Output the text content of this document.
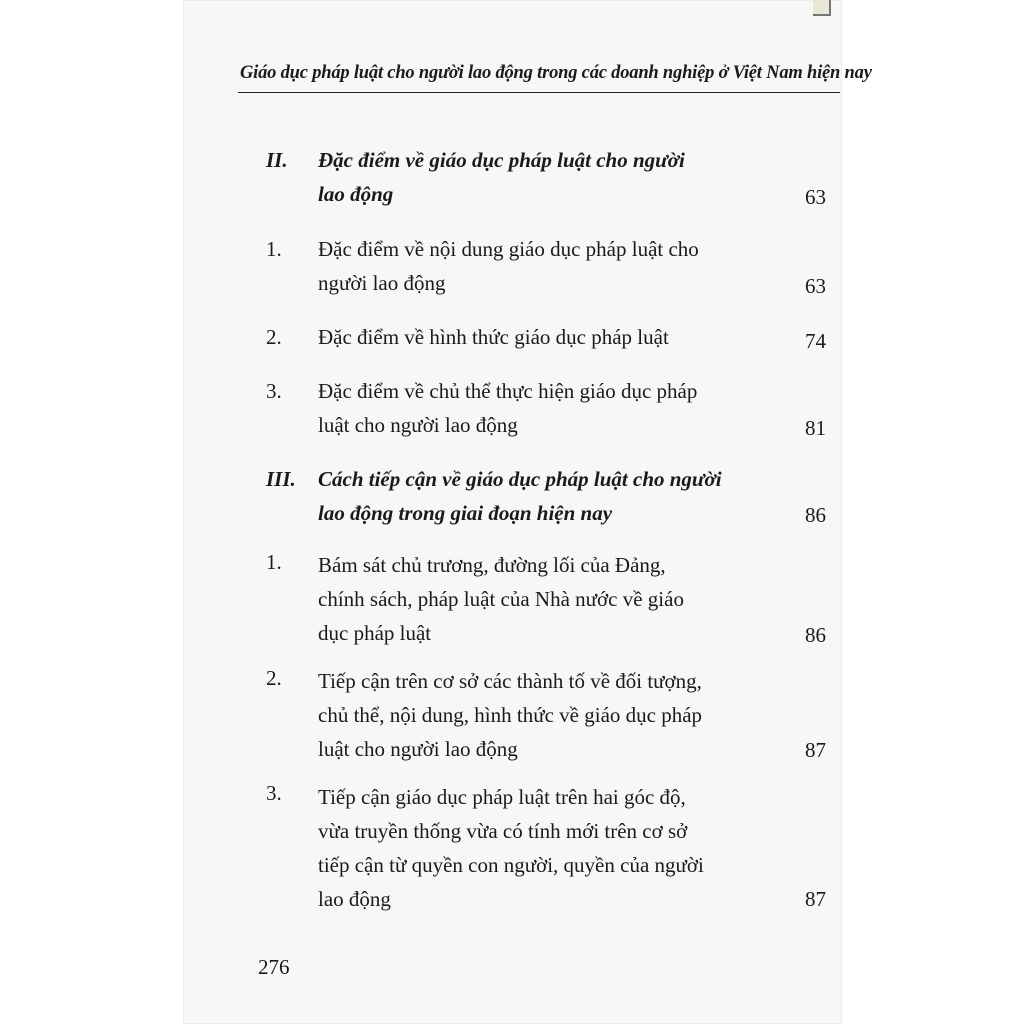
Giáo dục pháp luật cho người lao động trong các doanh nghiệp ở Việt Nam hiện nay
II. Đặc điểm về giáo dục pháp luật cho người
lao động	63
1. Đặc điểm về nội dung giáo dục pháp luật cho
người lao động	63
2. Đặc điểm về hình thức giáo dục pháp luật	74
3. Đặc điểm về chủ thể thực hiện giáo dục pháp
luật cho người lao động	81
III. Cách tiếp cận về giáo dục pháp luật cho người
lao động trong giai đoạn hiện nay	86
1. Bám sát chủ trương, đường lối của Đảng,
chính sách, pháp luật của Nhà nước về giáo
dục pháp luật	86
2. Tiếp cận trên cơ sở các thành tố về đối tượng,
chủ thể, nội dung, hình thức về giáo dục pháp
luật cho người lao động	87
3. Tiếp cận giáo dục pháp luật trên hai góc độ,
vừa truyền thống vừa có tính mới trên cơ sở
tiếp cận từ quyền con người, quyền của người
lao động	87
276
